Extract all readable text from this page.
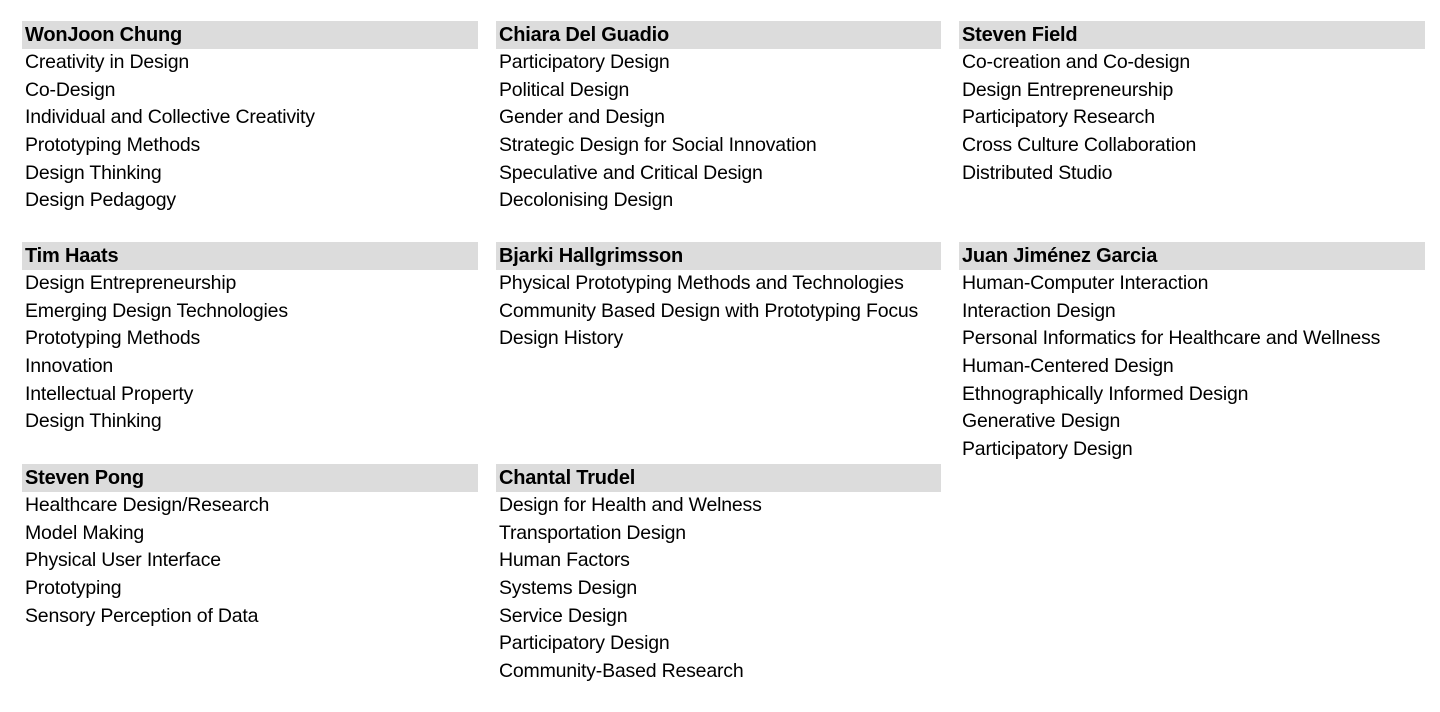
WonJoon Chung
Creativity in Design
Co-Design
Individual and Collective Creativity
Prototyping Methods
Design Thinking
Design Pedagogy
Chiara Del Guadio
Participatory Design
Political Design
Gender and Design
Strategic Design for Social Innovation
Speculative and Critical Design
Decolonising Design
Steven Field
Co-creation and Co-design
Design Entrepreneurship
Participatory Research
Cross Culture Collaboration
Distributed Studio
Tim Haats
Design Entrepreneurship
Emerging Design Technologies
Prototyping Methods
Innovation
Intellectual Property
Design Thinking
Bjarki Hallgrimsson
Physical Prototyping Methods and Technologies
Community Based Design with Prototyping Focus
Design History
Juan Jiménez Garcia
Human-Computer Interaction
Interaction Design
Personal Informatics for Healthcare and Wellness
Human-Centered Design
Ethnographically Informed Design
Generative Design
Participatory Design
Steven Pong
Healthcare Design/Research
Model Making
Physical User Interface
Prototyping
Sensory Perception of Data
Chantal Trudel
Design for Health and Welness
Transportation Design
Human Factors
Systems Design
Service Design
Participatory Design
Community-Based Research
